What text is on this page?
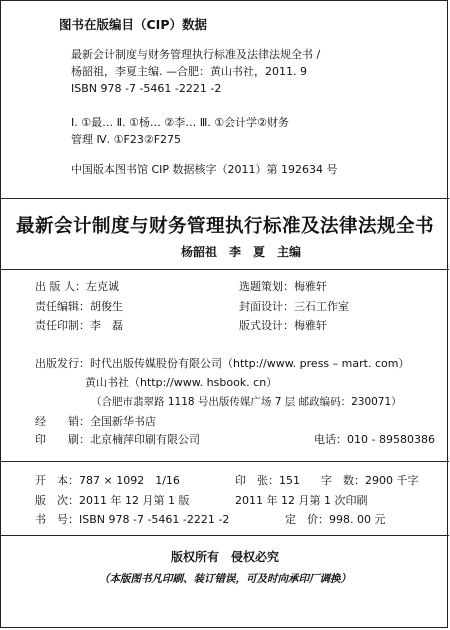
图书在版编目（CIP）数据
最新会计制度与财务管理执行标准及法律法规全书 /
杨韶祖，李夏主编. —合肥：黄山书社，2011. 9
ISBN 978 -7 -5461 -2221 -2
Ⅰ. ①最… Ⅱ. ①杨… ②李… Ⅲ. ①会计学②财务
管理 Ⅳ. ①F23②F275
中国版本图书馆 CIP 数据核字（2011）第 192634 号
最新会计制度与财务管理执行标准及法律法规全书
杨韶祖　李　夏　主编
出 版 人：左克诚	选题策划：梅雅轩
责任编辑：胡俊生	封面设计：三石工作室
责任印制：李　磊	版式设计：梅雅轩
出版发行：时代出版传媒股份有限公司（http://www. press – mart. com）
黄山书社（http://www. hsbook. cn）
（合肥市翡翠路 1118 号出版传媒广场 7 层 邮政编码：230071）
经　　销：全国新华书店
印　　刷：北京楠萍印刷有限公司	电话：010 - 89580386
开　本：787 × 1092　1/16	印　张：151	字　数：2900 千字
版　次：2011 年 12 月第 1 版	2011 年 12 月第 1 次印刷
书　号：ISBN 978 -7 -5461 -2221 -2	定　价：998. 00 元
版权所有　侵权必究
（本版图书凡印刷、装订错误，可及时向承印厂调换）
